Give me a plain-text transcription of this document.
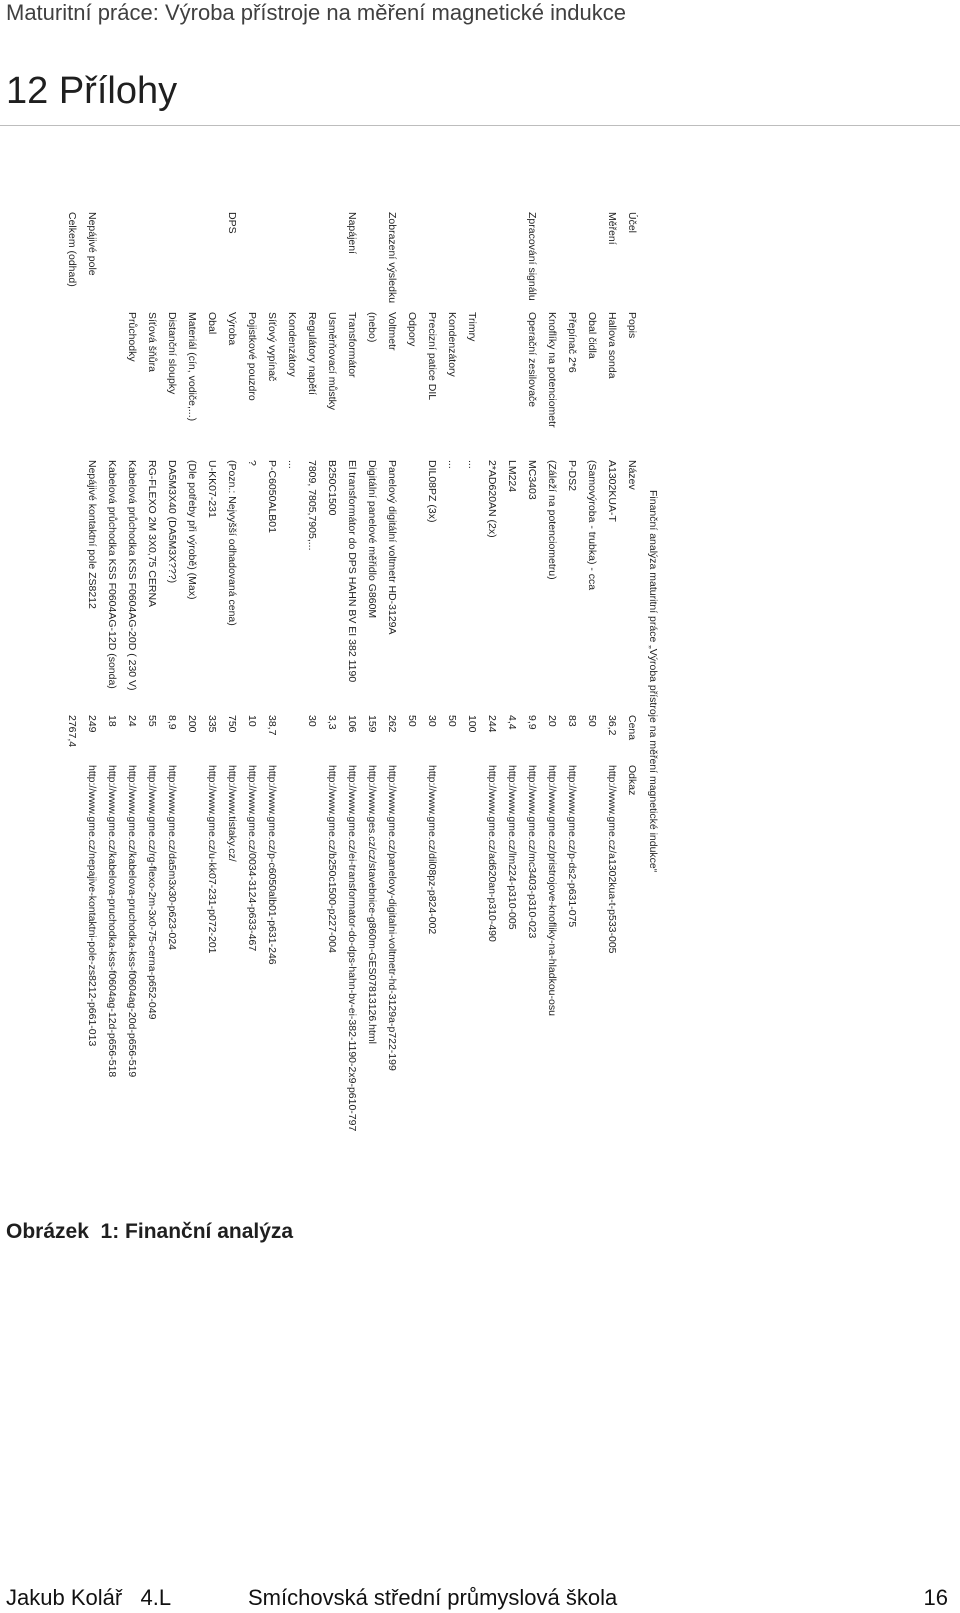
Maturitní práce: Výroba přístroje na měření magnetické indukce
12 Přílohy
Finanční analýza maturitní práce „Výroba přístroje na měření magnetické indukce“
Účel
Popis
Název
Cena
Odkaz
Měření
Hallova sonda
A1302KUA-T
36,2
http://www.gme.cz/a1302kua-t-p533-005
Obal čidla
(Samovýroba - trubka) - cca
50
Přepínač 2*6
P-DS2
83
http://www.gme.cz/p-ds2-p631-075
Knoflíky na potenciometr
(Záleží na potenciometru)
20
http://www.gme.cz/pristrojove-knofliky-na-hladkou-osu
Zpracování signálu
Operační zesilovače
MC3403
9,9
http://www.gme.cz/mc3403-p310-023
LM224
4,4
http://www.gme.cz/lm224-p310-005
2*AD620AN (2x)
244
http://www.gme.cz/ad620an-p310-490
Trimry
...
100
Kondenzátory
...
50
Precizní patice DIL
DIL08PZ (3x)
30
http://www.gme.cz/dil08pz-p824-002
Odpory
50
Zobrazení výsledku
Voltmetr
Panelový digitální voltmetr HD-3129A
262
http://www.gme.cz/panelovy-digitalni-voltmetr-hd-3129a-p722-199
(nebo)
Digitální panelové měřidlo G860M
159
http://www.ges.cz/cz/stavebnice-g860m-GES07813126.html
Napájení
Transformátor
El transformátor do DPS HAHN BV EI 382 1190
106
http://www.gme.cz/ei-transformator-do-dps-hahn-bv-ei-382-1190-2x9-p610-797
Usměrňovací můstky
B250C1500
3,3
http://www.gme.cz/b250c1500-p227-004
Regulátory napětí
7809, 7805,7905,...
30
Kondenzátory
...
Síťový vypínač
P-C6050ALB01
38,7
http://www.gme.cz/p-c6050alb01-p631-246
Pojistkové pouzdro
?
10
http://www.gme.cz/0034-3124-p633-467
DPS
Výroba
(Pozn.: Nejvyšší odhadovaná cena)
750
http://www.tistaky.cz/
Obal
U-KK07-231
335
http://www.gme.cz/u-kk07-231-p072-201
Materiál (cín, vodiče,...)
(Dle potřeby při výrobě) (Max)
200
Distanční sloupky
DA5M3X40 (DA5M3X???)
8,9
http://www.gme.cz/da5m3x30-p623-024
Síťová šňůra
RG-FLEXO 2M 3X0,75 CERNA
55
http://www.gme.cz/rg-flexo-2m-3x0-75-cerna-p652-049
Průchodky
Kabelová průchodka KSS F0604AG-20D ( 230 V)
24
http://www.gme.cz/kabelova-pruchodka-kss-f0604ag-20d-p656-519
Kabelová průchodka KSS F0604AG-12D (sonda)
18
http://www.gme.cz/kabelova-pruchodka-kss-f0604ag-12d-p656-518
Nepájivé pole
Nepájivé kontaktní pole ZS8212
249
http://www.gme.cz/nepajive-kontaktni-pole-zs8212-p661-013
Celkem (odhad)
2767,4
Obrázek  1: Finanční analýza
Jakub Kolář   4.L	Smíchovská střední průmyslová škola	16
